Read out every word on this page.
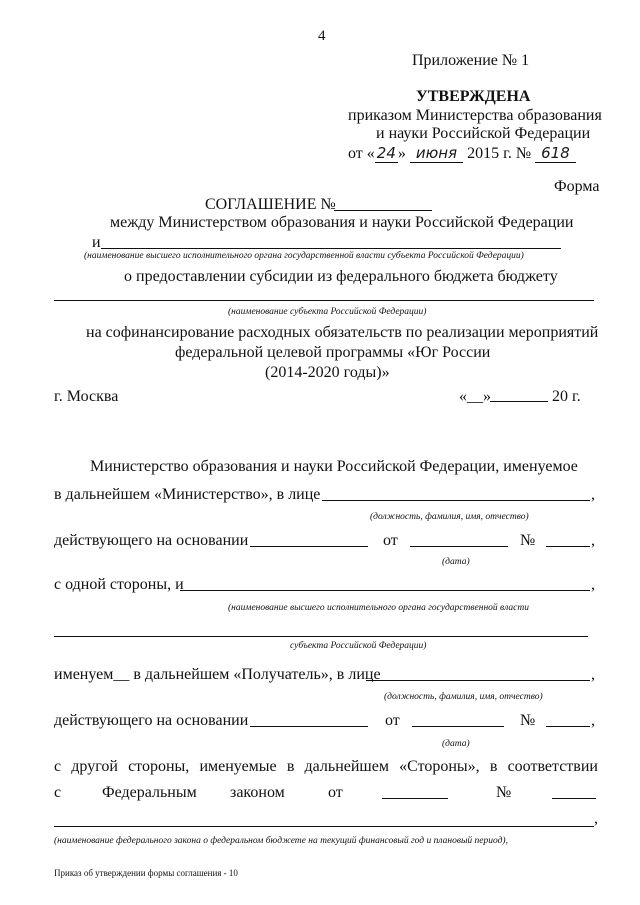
4
Приложение № 1
УТВЕРЖДЕНА
приказом Министерства образования
и науки Российской Федерации
от « 24 » июня 2015 г. № 618
Форма
СОГЛАШЕНИЕ №
между Министерством образования и науки Российской Федерации
и
(наименование высшего исполнительного органа государственной власти субъекта Российской Федерации)
о предоставлении субсидии из федерального бюджета бюджету
(наименование субъекта Российской Федерации)
на софинансирование расходных обязательств по реализации мероприятий
федеральной целевой программы «Юг России
(2014-2020 годы)»
г. Москва	«__»	20 г.
Министерство образования и науки Российской Федерации, именуемое
в дальнейшем «Министерство», в лице	,
(должность, фамилия, имя, отчество)
действующего на основании	от	№	,
(дата)
с одной стороны, и	,
(наименование высшего исполнительного органа государственной власти
субъекта Российской Федерации)
именуем__ в дальнейшем «Получатель», в лице	,
(должность, фамилия, имя, отчество)
действующего на основании	от	№	,
(дата)
с другой стороны, именуемые в дальнейшем «Стороны», в соответствии
с	Федеральным законом	от	№
,
(наименование федерального закона о федеральном бюджете на текущий финансовый год и плановый период),
Приказ об утверждении формы соглашения - 10
